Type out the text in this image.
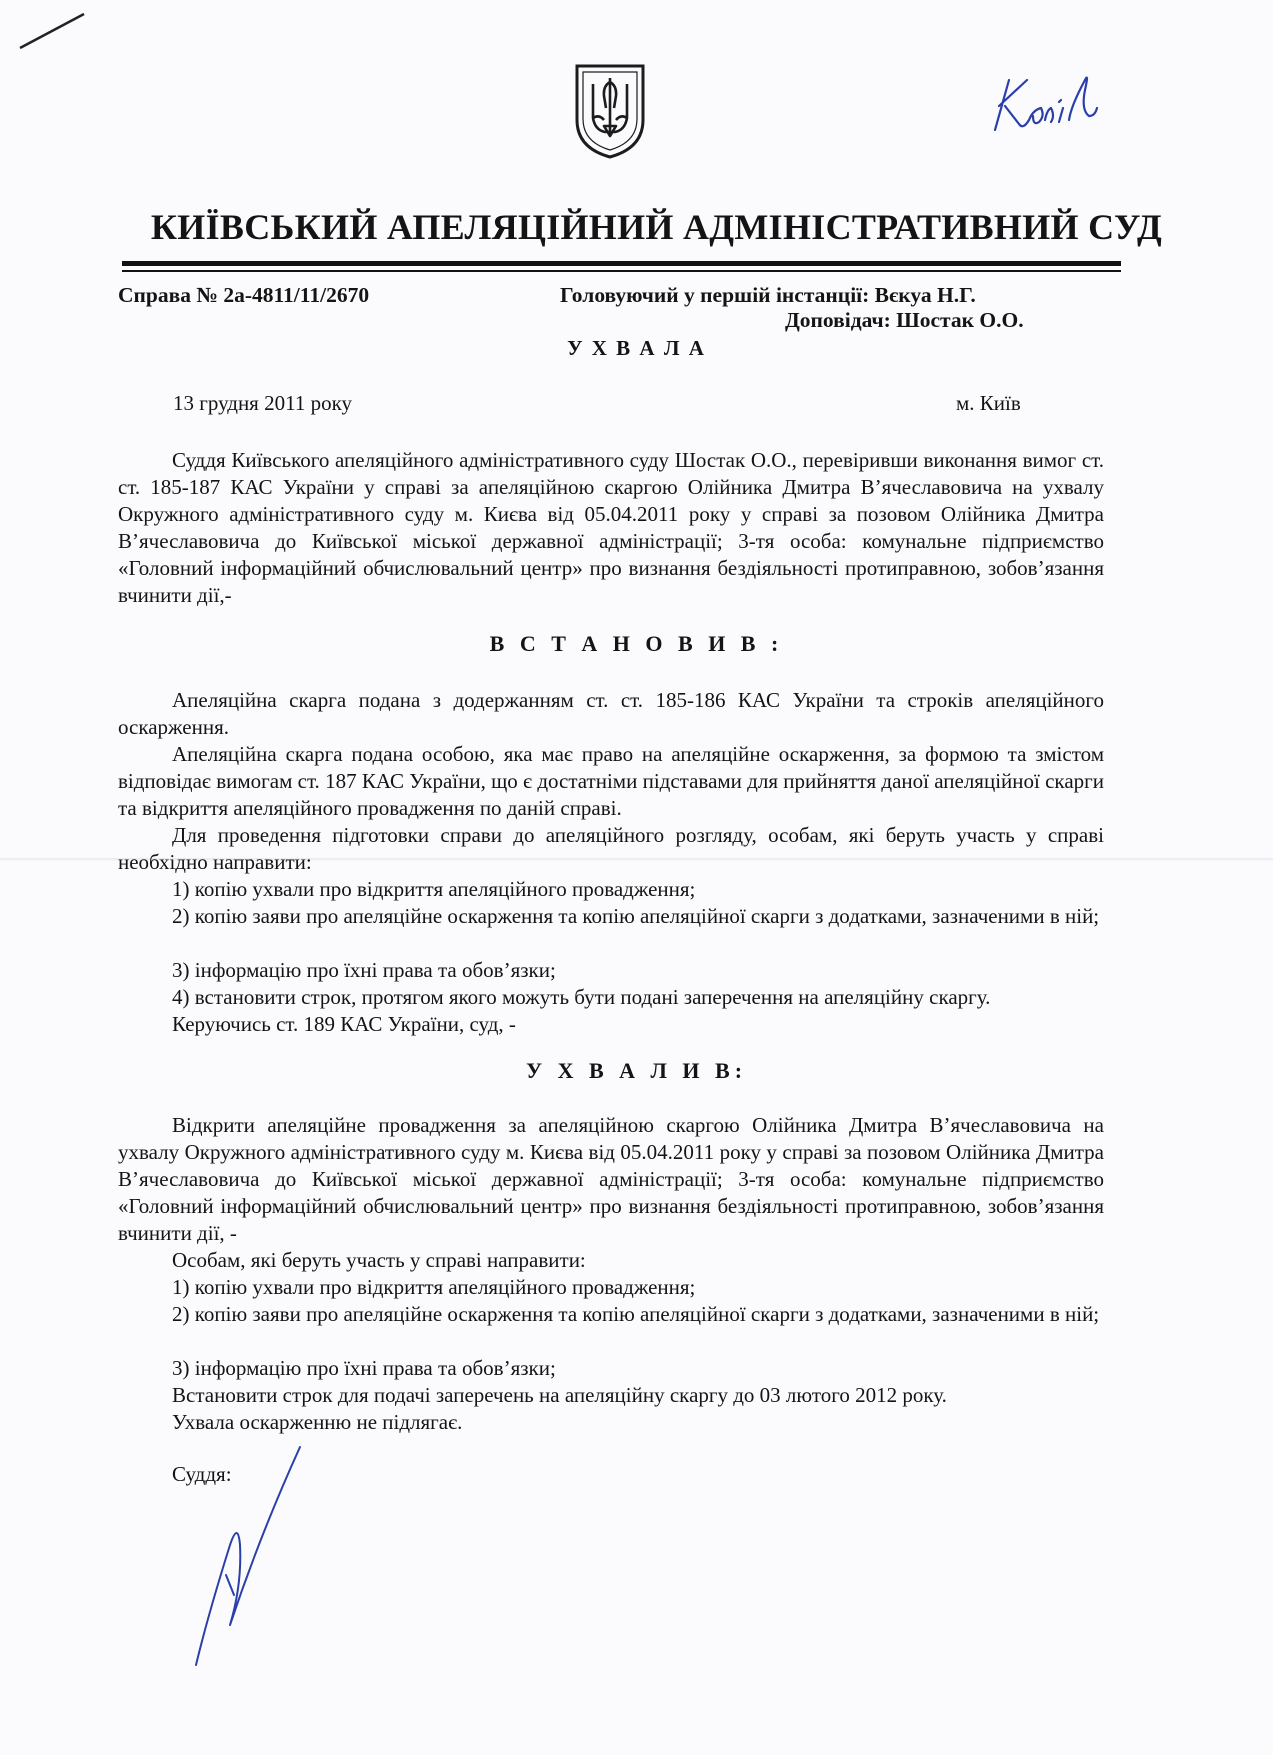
КИЇВСЬКИЙ АПЕЛЯЦІЙНИЙ АДМІНІСТРАТИВНИЙ СУД
Справа № 2а-4811/11/2670	Головуючий у першій інстанції: Вєкуа Н.Г.
Доповідач: Шостак О.О.
У Х В А Л А
13 грудня 2011 року	м. Київ
Суддя Київського апеляційного адміністративного суду Шостак О.О., перевіривши виконання вимог ст. ст. 185-187 КАС України у справі за апеляційною скаргою Олійника Дмитра В’ячеславовича на ухвалу Окружного адміністративного суду м. Києва від 05.04.2011 року у справі за позовом Олійника Дмитра В’ячеславовича до Київської міської державної адміністрації; 3-тя особа: комунальне підприємство «Головний інформаційний обчислювальний центр» про визнання бездіяльності протиправною, зобов’язання вчинити дії,-
В С Т А Н О В И В :
Апеляційна скарга подана з додержанням ст. ст. 185-186 КАС України та строків апеляційного оскарження.
Апеляційна скарга подана особою, яка має право на апеляційне оскарження, за формою та змістом відповідає вимогам ст. 187 КАС України, що є достатніми підставами для прийняття даної апеляційної скарги та відкриття апеляційного провадження по даній справі.
Для проведення підготовки справи до апеляційного розгляду, особам, які беруть участь у справі необхідно направити:
1) копію ухвали про відкриття апеляційного провадження;
2) копію заяви про апеляційне оскарження та копію апеляційної скарги з додатками, зазначеними в ній;
3) інформацію про їхні права та обов’язки;
4) встановити строк, протягом якого можуть бути подані заперечення на апеляційну скаргу.
Керуючись ст. 189 КАС України, суд, -
У Х В А Л И В:
Відкрити апеляційне провадження за апеляційною скаргою Олійника Дмитра В’ячеславовича на ухвалу Окружного адміністративного суду м. Києва від 05.04.2011 року у справі за позовом Олійника Дмитра В’ячеславовича до Київської міської державної адміністрації; 3-тя особа: комунальне підприємство «Головний інформаційний обчислювальний центр» про визнання бездіяльності протиправною, зобов’язання вчинити дії, -
Особам, які беруть участь у справі направити:
1) копію ухвали про відкриття апеляційного провадження;
2) копію заяви про апеляційне оскарження та копію апеляційної скарги з додатками, зазначеними в ній;
3) інформацію про їхні права та обов’язки;
Встановити строк для подачі заперечень на апеляційну скаргу до 03 лютого 2012 року.
Ухвала оскарженню не підлягає.
Суддя:
